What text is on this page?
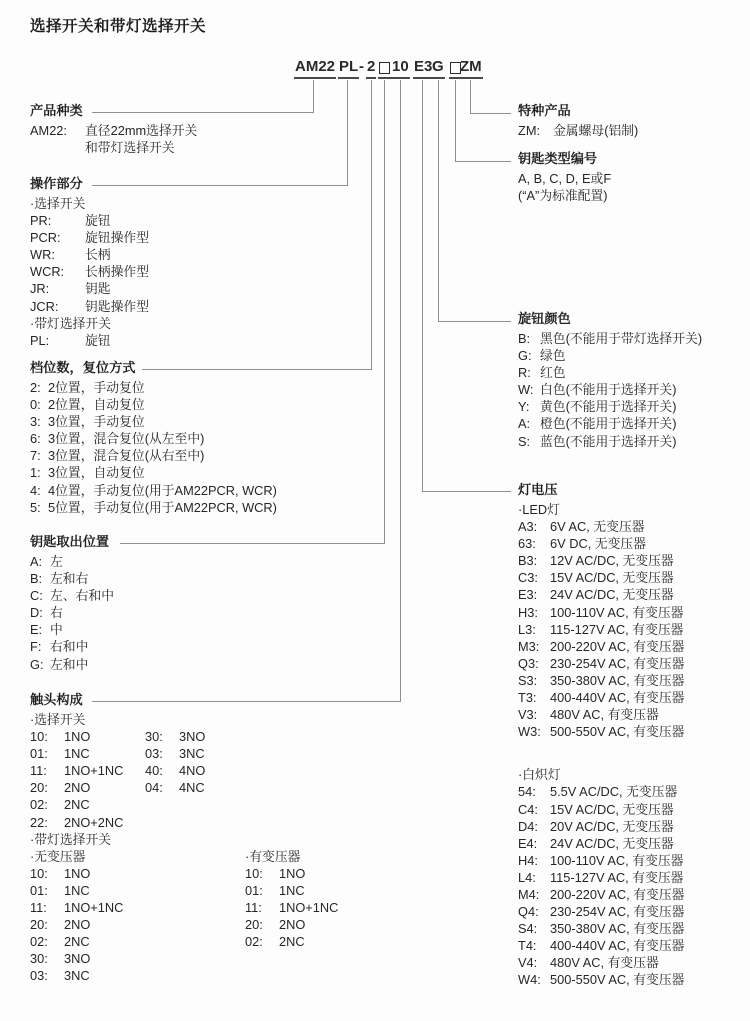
选择开关和带灯选择开关
AM22 PL - 2 10 E3 G ZM
产品种类
AM22:	直径22mm选择开关
和带灯选择开关
操作部分
·选择开关
PR:	旋钮
PCR:	旋钮操作型
WR:	长柄
WCR:	长柄操作型
JR:	钥匙
JCR:	钥匙操作型
·带灯选择开关
PL:	旋钮
档位数，复位方式
2: 2位置，手动复位
0: 2位置，自动复位
3: 3位置，手动复位
6: 3位置，混合复位(从左至中)
7: 3位置，混合复位(从右至中)
1: 3位置，自动复位
4: 4位置，手动复位(用于AM22PCR, WCR)
5: 5位置，手动复位(用于AM22PCR, WCR)
钥匙取出位置
A: 左
B: 左和右
C: 左、右和中
D: 右
E: 中
F: 右和中
G: 左和中
触头构成
·选择开关
10:	1NO
01:	1NC
11:	1NO+1NC
20:	2NO
02:	2NC
22:	2NO+2NC
30:	3NO
03:	3NC
40:	4NO
04:	4NC
·带灯选择开关
·无变压器
10:	1NO
01:	1NC
11:	1NO+1NC
20:	2NO
02:	2NC
30:	3NO
03:	3NC
·有变压器
10:	1NO
01:	1NC
11:	1NO+1NC
20:	2NO
02:	2NC
特种产品
ZM:	金属螺母(铝制)
钥匙类型编号
A, B, C, D, E或F
(“A”为标准配置)
旋钮颜色
B: 黑色(不能用于带灯选择开关)
G: 绿色
R: 红色
W: 白色(不能用于选择开关)
Y: 黄色(不能用于选择开关)
A: 橙色(不能用于选择开关)
S: 蓝色(不能用于选择开关)
灯电压
·LED灯
A3: 6V AC, 无变压器
63:	6V DC, 无变压器
B3: 12V AC/DC, 无变压器
C3: 15V AC/DC, 无变压器
E3: 24V AC/DC, 无变压器
H3: 100-110V AC, 有变压器
L3:	115-127V AC, 有变压器
M3: 200-220V AC, 有变压器
Q3: 230-254V AC, 有变压器
S3: 350-380V AC, 有变压器
T3:	400-440V AC, 有变压器
V3: 480V AC, 有变压器
W3: 500-550V AC, 有变压器
·白炽灯
54:	5.5V AC/DC, 无变压器
C4: 15V AC/DC, 无变压器
D4: 20V AC/DC, 无变压器
E4: 24V AC/DC, 无变压器
H4: 100-110V AC, 有变压器
L4:	115-127V AC, 有变压器
M4: 200-220V AC, 有变压器
Q4: 230-254V AC, 有变压器
S4: 350-380V AC, 有变压器
T4:	400-440V AC, 有变压器
V4: 480V AC, 有变压器
W4: 500-550V AC, 有变压器
